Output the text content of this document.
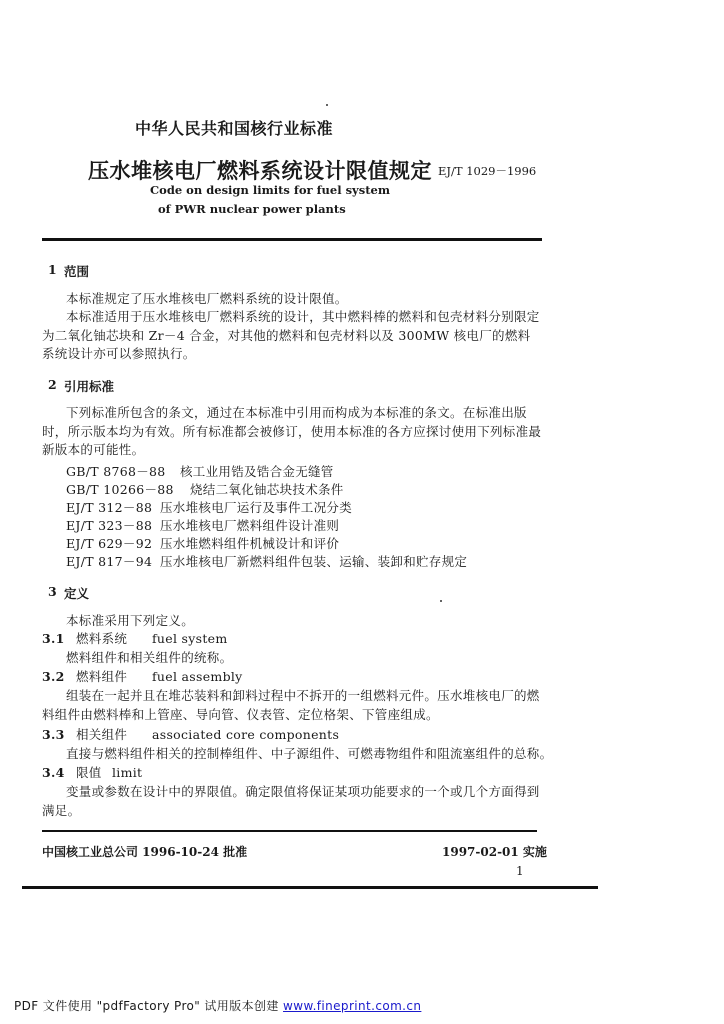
中华人民共和国核行业标准
压水堆核电厂燃料系统设计限值规定 EJ/T 1029－1996
Code on design limits for fuel system
of PWR nuclear power plants
1 范围
本标准规定了压水堆核电厂燃料系统的设计限值。
本标准适用于压水堆核电厂燃料系统的设计，其中燃料棒的燃料和包壳材料分别限定为二氧化铀芯块和 Zr－4 合金，对其他的燃料和包壳材料以及 300MW 核电厂的燃料系统设计亦可以参照执行。
2 引用标准
下列标准所包含的条文，通过在本标准中引用而构成为本标准的条文。在标准出版时，所示版本均为有效。所有标准都会被修订，使用本标准的各方应探讨使用下列标准最新版本的可能性。
GB/T 8768－88 核工业用锆及锆合金无缝管
GB/T 10266－88 烧结二氧化铀芯块技术条件
EJ/T 312－88 压水堆核电厂运行及事件工况分类
EJ/T 323－88 压水堆核电厂燃料组件设计准则
EJ/T 629－92 压水堆燃料组件机械设计和评价
EJ/T 817－94 压水堆核电厂新燃料组件包装、运输、装卸和贮存规定
3 定义
本标准采用下列定义。
3.1 燃料系统 fuel system
燃料组件和相关组件的统称。
3.2 燃料组件 fuel assembly
组装在一起并且在堆芯装料和卸料过程中不拆开的一组燃料元件。压水堆核电厂的燃料组件由燃料棒和上管座、导向管、仪表管、定位格架、下管座组成。
3.3 相关组件 associated core components
直接与燃料组件相关的控制棒组件、中子源组件、可燃毒物组件和阻流塞组件的总称。
3.4 限值 limit
变量或参数在设计中的界限值。确定限值将保证某项功能要求的一个或几个方面得到满足。
中国核工业总公司 1996-10-24 批准	1997-02-01 实施
1
PDF 文件使用 "pdfFactory Pro" 试用版本创建 www.fineprint.com.cn
